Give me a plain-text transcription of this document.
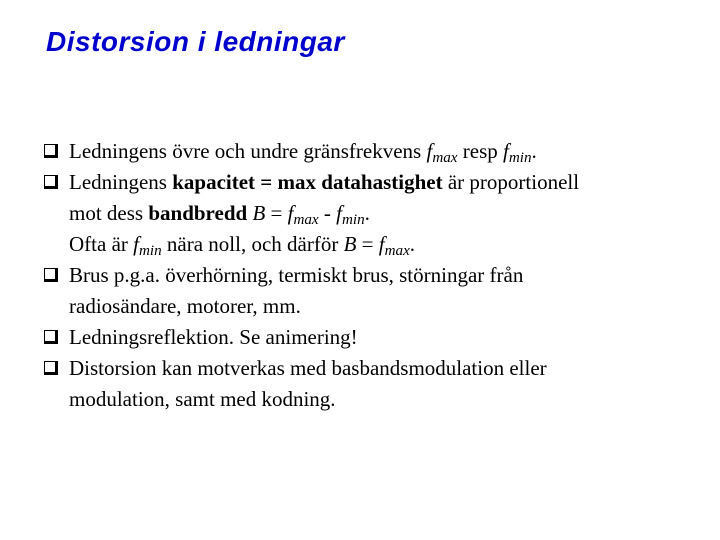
Distorsion i ledningar
Ledningens övre och undre gränsfrekvens $f_{max}$ resp $f_{min}$.
Ledningens kapacitet = max datahastighet är proportionell
mot dess bandbredd $B = f_{max} - f_{min}$.
Ofta är $f_{min}$ nära noll, och därför $B = f_{max}$.
Brus p.g.a. överhörning, termiskt brus, störningar från
radiosändare, motorer, mm.
Ledningsreflektion. Se animering!
Distorsion kan motverkas med basbandsmodulation eller
modulation, samt med kodning.
